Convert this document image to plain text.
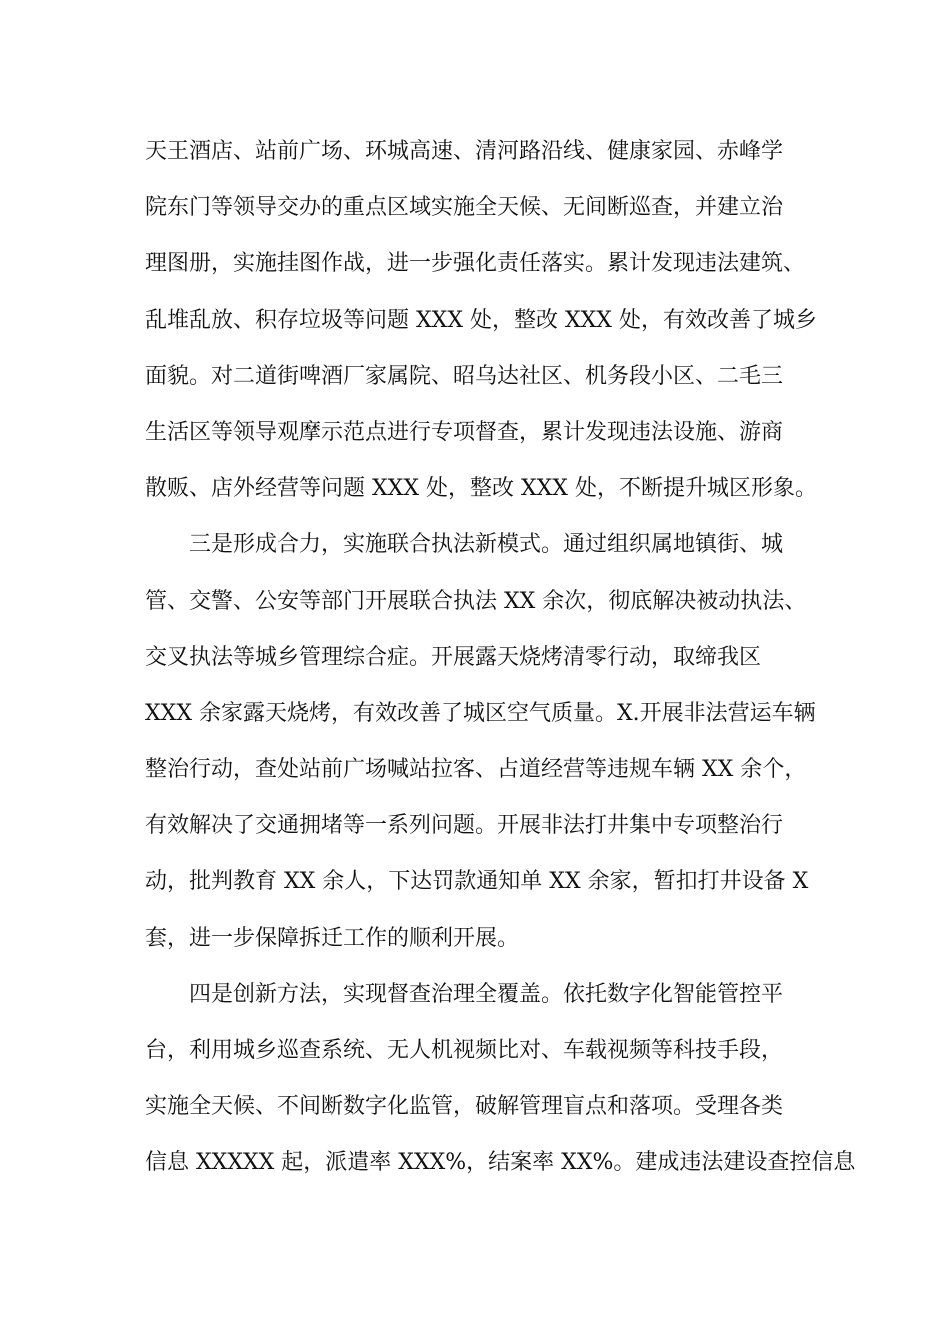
天王酒店、站前广场、环城高速、清河路沿线、健康家园、赤峰学
院东门等领导交办的重点区域实施全天候、无间断巡查，并建立治
理图册，实施挂图作战，进一步强化责任落实。累计发现违法建筑、
乱堆乱放、积存垃圾等问题 XXX 处，整改 XXX 处，有效改善了城乡
面貌。对二道街啤酒厂家属院、昭乌达社区、机务段小区、二毛三
生活区等领导观摩示范点进行专项督查，累计发现违法设施、游商
散贩、店外经营等问题 XXX 处，整改 XXX 处，不断提升城区形象。
　　三是形成合力，实施联合执法新模式。通过组织属地镇街、城
管、交警、公安等部门开展联合执法 XX 余次，彻底解决被动执法、
交叉执法等城乡管理综合症。开展露天烧烤清零行动，取缔我区
XXX 余家露天烧烤，有效改善了城区空气质量。X.开展非法营运车辆
整治行动，查处站前广场喊站拉客、占道经营等违规车辆 XX 余个，
有效解决了交通拥堵等一系列问题。开展非法打井集中专项整治行
动，批判教育 XX 余人，下达罚款通知单 XX 余家，暂扣打井设备 X
套，进一步保障拆迁工作的顺利开展。
　　四是创新方法，实现督查治理全覆盖。依托数字化智能管控平
台，利用城乡巡查系统、无人机视频比对、车载视频等科技手段，
实施全天候、不间断数字化监管，破解管理盲点和落项。受理各类
信息 XXXXX 起，派遣率 XXX%，结案率 XX%。建成违法建设查控信息
